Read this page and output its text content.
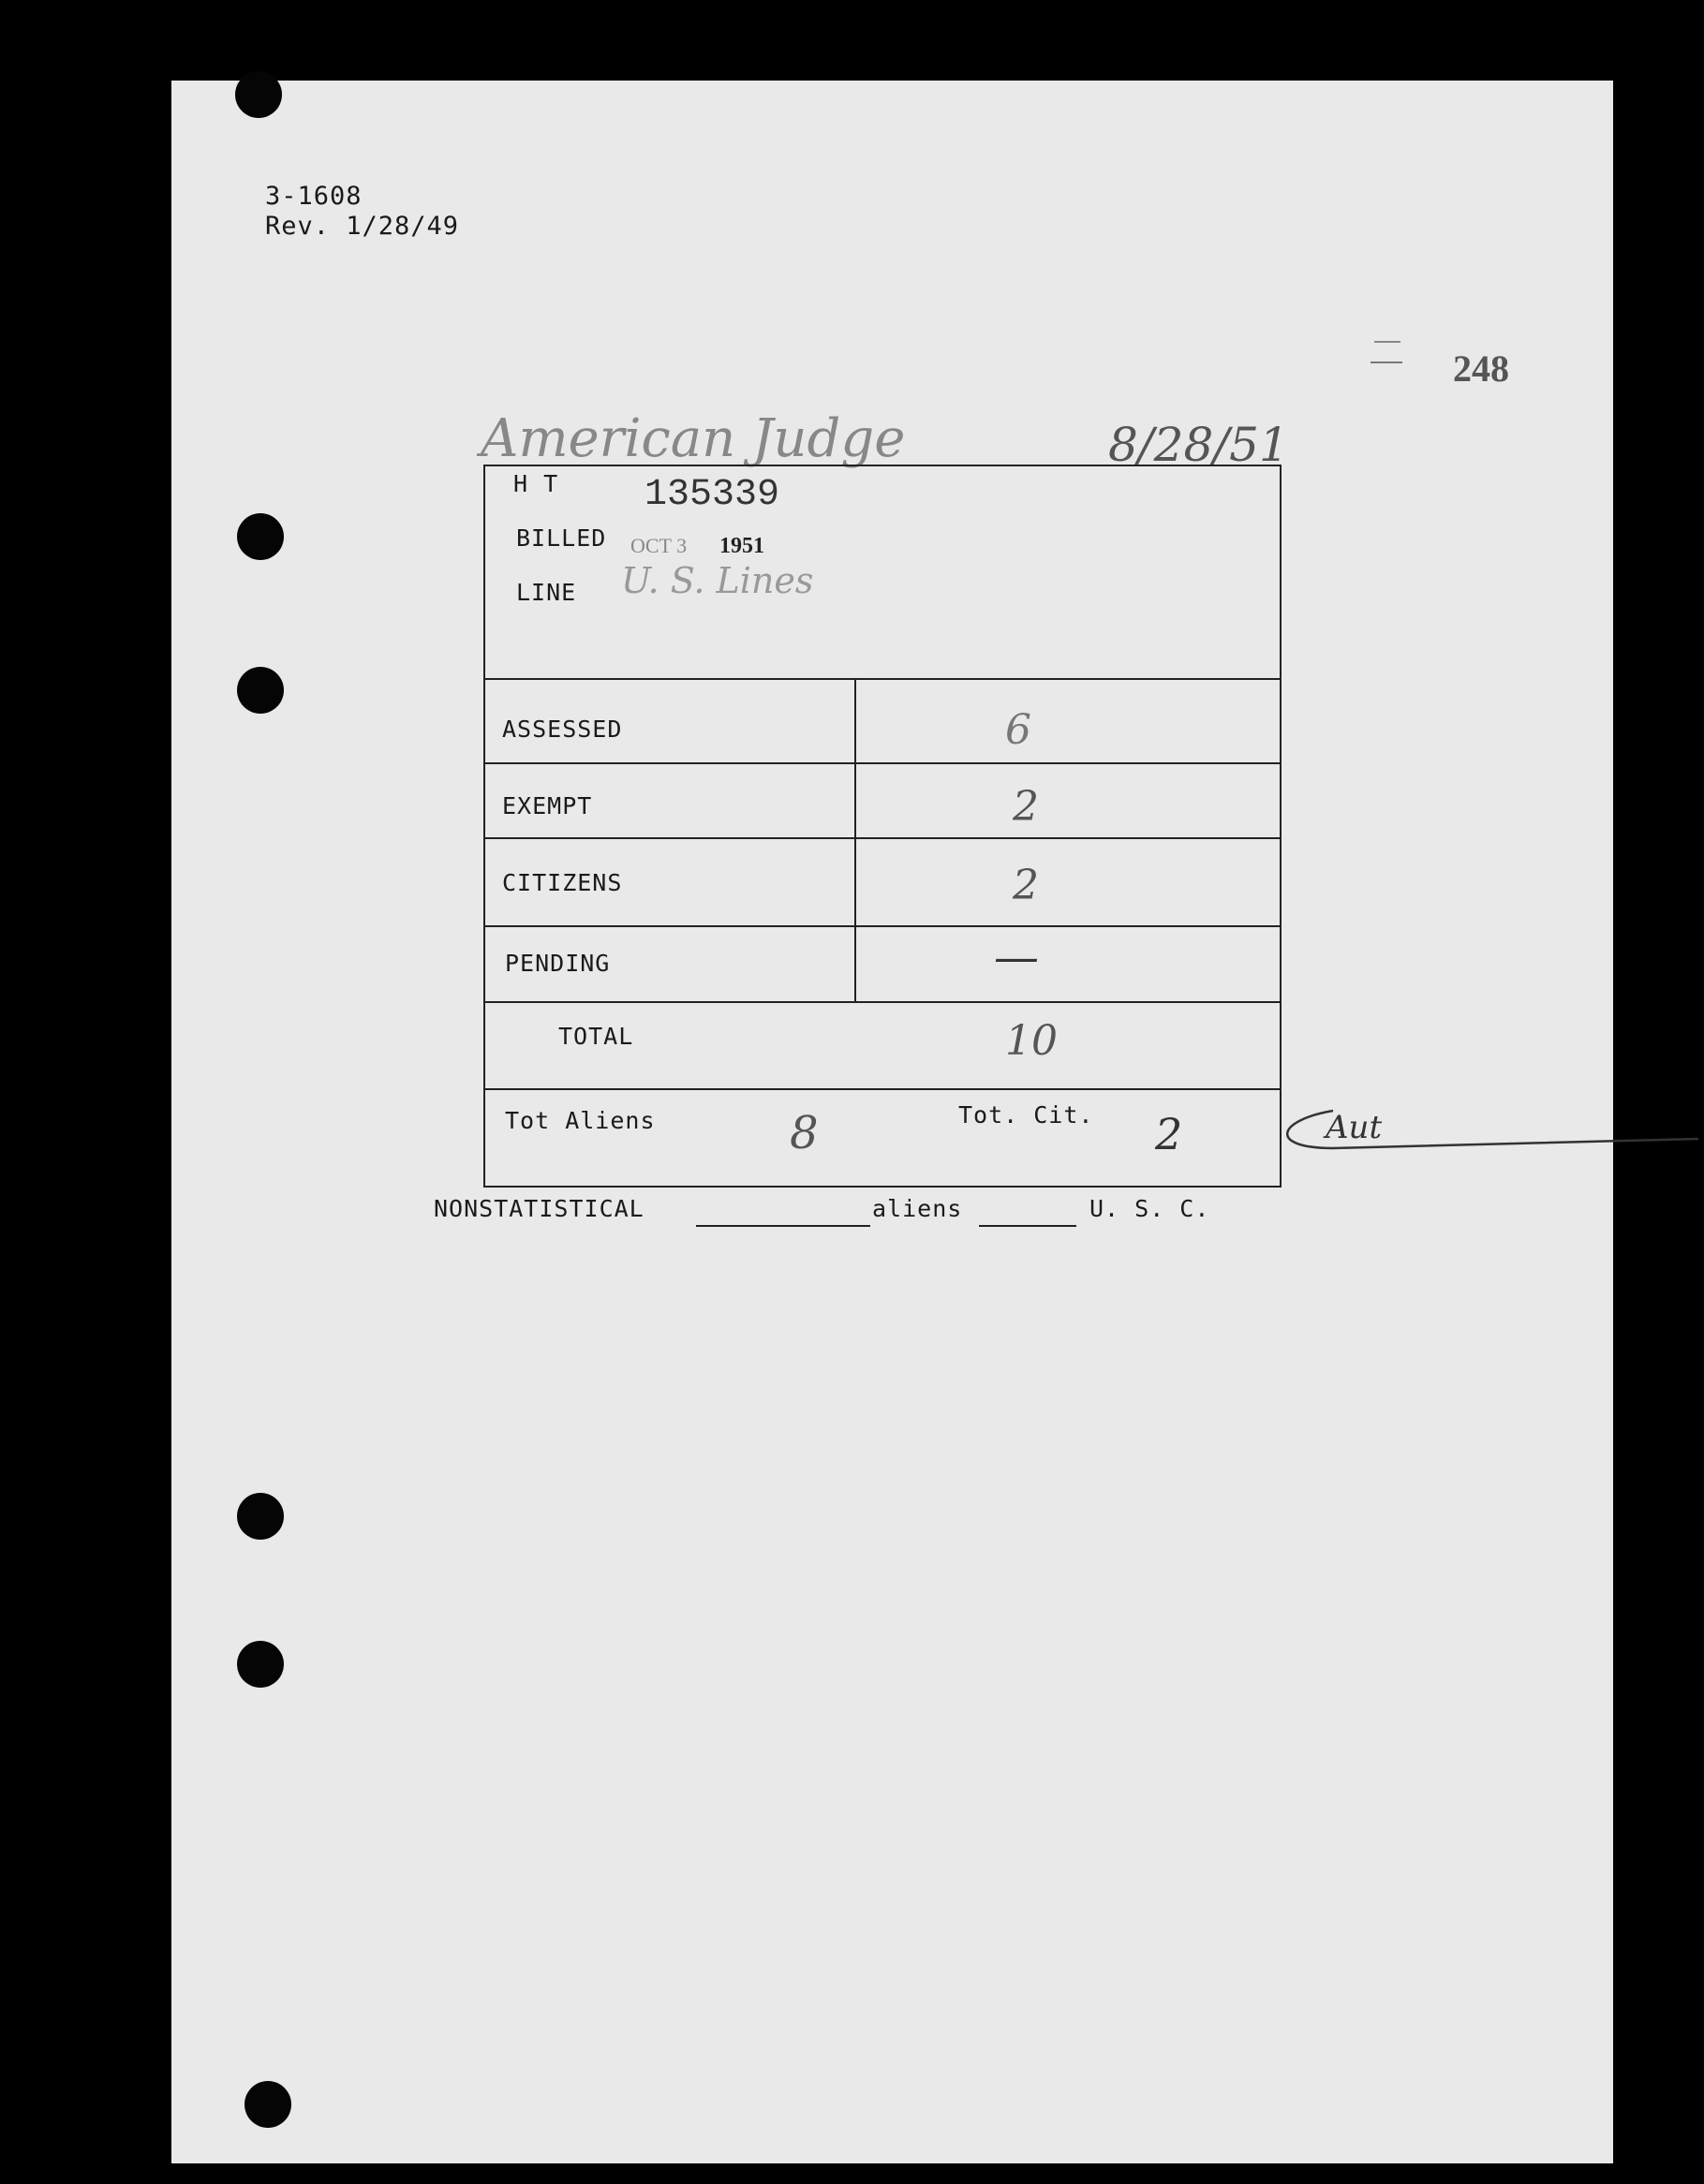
3-1608
Rev. 1/28/49
248
American Judge	8/28/51
H T 135339
BILLED OCT 3 1951
LINE U. S. Lines
ASSESSED	6
EXEMPT	2
CITIZENS	2
PENDING	—
TOTAL	10
Tot Aliens	8	Tot. Cit. 2	Aut
NONSTATISTICAL	aliens	U. S. C.
